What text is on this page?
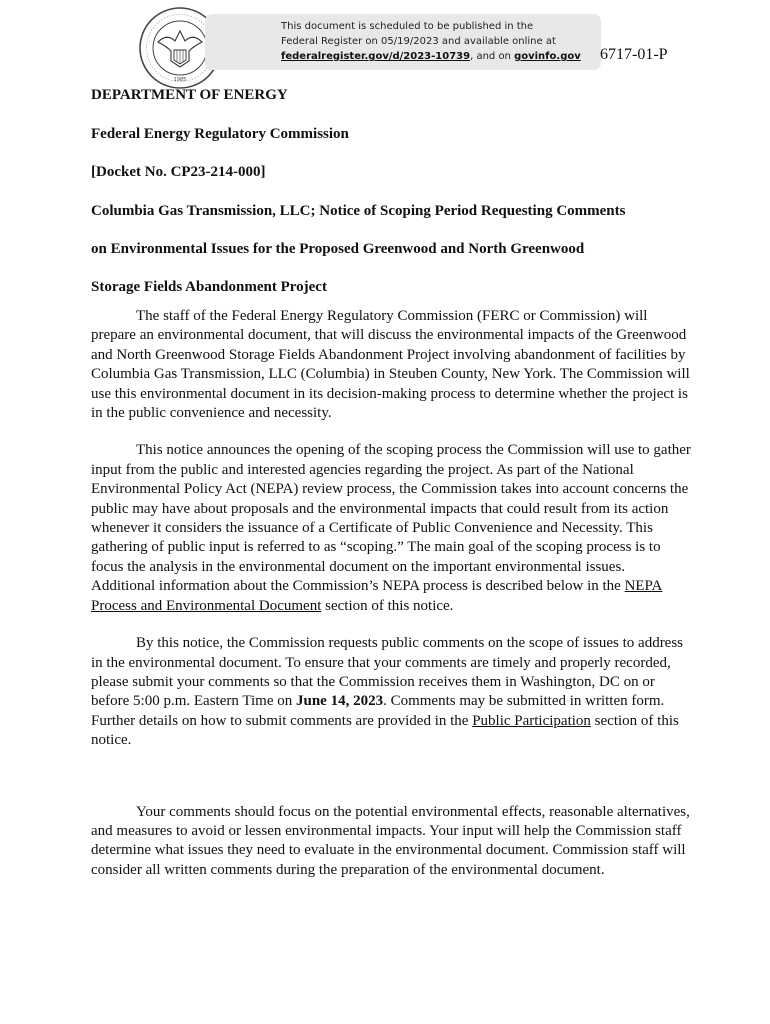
1985
This document is scheduled to be published in the
Federal Register on 05/19/2023 and available online at
federalregister.gov/d/2023-10739, and on govinfo.gov	6717-01-P

DEPARTMENT OF ENERGY

Federal Energy Regulatory Commission

[Docket No. CP23-214-000]

Columbia Gas Transmission, LLC; Notice of Scoping Period Requesting Comments

on Environmental Issues for the Proposed Greenwood and North Greenwood

Storage Fields Abandonment Project

The staff of the Federal Energy Regulatory Commission (FERC or Commission) will prepare an environmental document, that will discuss the environmental impacts of the Greenwood and North Greenwood Storage Fields Abandonment Project involving abandonment of facilities by Columbia Gas Transmission, LLC (Columbia) in Steuben County, New York. The Commission will use this environmental document in its decision-making process to determine whether the project is in the public convenience and necessity.

This notice announces the opening of the scoping process the Commission will use to gather input from the public and interested agencies regarding the project. As part of the National Environmental Policy Act (NEPA) review process, the Commission takes into account concerns the public may have about proposals and the environmental impacts that could result from its action whenever it considers the issuance of a Certificate of Public Convenience and Necessity. This gathering of public input is referred to as “scoping.” The main goal of the scoping process is to focus the analysis in the environmental document on the important environmental issues. Additional information about the Commission’s NEPA process is described below in the NEPA Process and Environmental Document section of this notice.

By this notice, the Commission requests public comments on the scope of issues to address in the environmental document. To ensure that your comments are timely and properly recorded, please submit your comments so that the Commission receives them in Washington, DC on or before 5:00 p.m. Eastern Time on June 14, 2023. Comments may be submitted in written form. Further details on how to submit comments are provided in the Public Participation section of this notice.

Your comments should focus on the potential environmental effects, reasonable alternatives, and measures to avoid or lessen environmental impacts. Your input will help the Commission staff determine what issues they need to evaluate in the environmental document. Commission staff will consider all written comments during the preparation of the environmental document.
